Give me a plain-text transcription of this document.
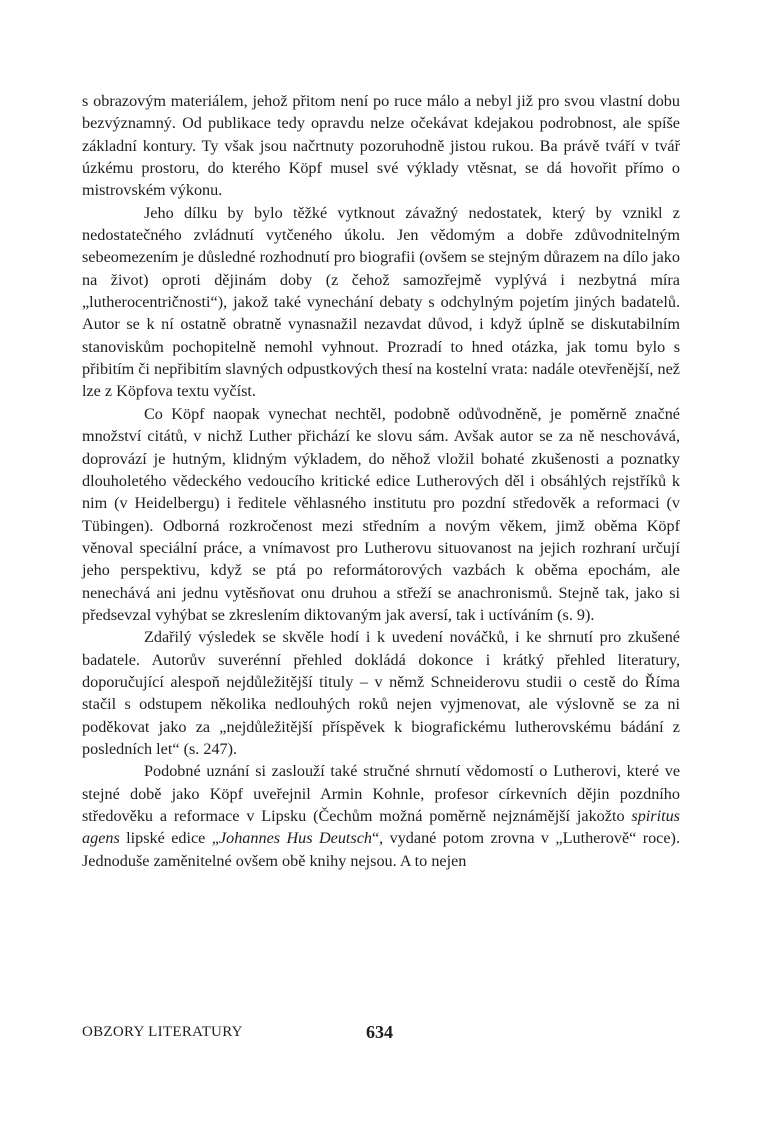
s obrazovým materiálem, jehož přitom není po ruce málo a nebyl již pro svou vlastní dobu bezvýznamný. Od publikace tedy opravdu nelze očekávat kdejakou podrobnost, ale spíše základní kontury. Ty však jsou načrtnuty pozoruhodně jistou rukou. Ba právě tváří v tvář úzkému prostoru, do kterého Köpf musel své výklady vtěsnat, se dá hovořit přímo o mistrovském výkonu.

Jeho dílku by bylo těžké vytknout závažný nedostatek, který by vznikl z nedostatečného zvládnutí vytčeného úkolu. Jen vědomým a dobře zdůvodnitelným sebeomezením je důsledné rozhodnutí pro biografii (ovšem se stejným důrazem na dílo jako na život) oproti dějinám doby (z čehož samozřejmě vyplývá i nezbytná míra „lutherocentričnosti“), jakož také vynechání debaty s odchylným pojetím jiných badatelů. Autor se k ní ostatně obratně vynasnažil nezavdat důvod, i když úplně se diskutabilním stanoviskům pochopitelně nemohl vyhnout. Prozradí to hned otázka, jak tomu bylo s přibitím či nepřibitím slavných odpustkových thesí na kostelní vrata: nadále otevřenější, než lze z Köpfova textu vyčíst.

Co Köpf naopak vynechat nechtěl, podobně odůvodněně, je poměrně značné množství citátů, v nichž Luther přichází ke slovu sám. Avšak autor se za ně neschovává, doprovází je hutným, klidným výkladem, do něhož vložil bohaté zkušenosti a poznatky dlouholetého vědeckého vedoucího kritické edice Lutherových děl i obsáhlých rejstříků k nim (v Heidelbergu) i ředitele věhlasného institutu pro pozdní středověk a reformaci (v Tübingen). Odborná rozkročenost mezi středním a novým věkem, jimž oběma Köpf věnoval speciální práce, a vnímavost pro Lutherovu situovanost na jejich rozhraní určují jeho perspektivu, když se ptá po reformátorových vazbách k oběma epochám, ale nenechává ani jednu vytěsňovat onu druhou a střeží se anachronismů. Stejně tak, jako si předsevzal vyhýbat se zkreslením diktovaným jak aversí, tak i uctíváním (s. 9).

Zdařilý výsledek se skvěle hodí i k uvedení nováčků, i ke shrnutí pro zkušené badatele. Autorův suverénní přehled dokládá dokonce i krátký přehled literatury, doporučující alespoň nejdůležitější tituly – v němž Schneiderovu studii o cestě do Říma stačil s odstupem několika nedlouhých roků nejen vyjmenovat, ale výslovně se za ni poděkovat jako za „nejdůležitější příspěvek k biografickému lutherovskému bádání z posledních let“ (s. 247).

Podobné uznání si zaslouží také stručné shrnutí vědomostí o Lutherovi, které ve stejné době jako Köpf uveřejnil Armin Kohnle, profesor církevních dějin pozdního středověku a reformace v Lipsku (Čechům možná poměrně nejznámější jakožto spiritus agens lipské edice „Johannes Hus Deutsch“, vydané potom zrovna v „Lutherově“ roce). Jednoduše zaměnitelné ovšem obě knihy nejsou. A to nejen

OBZORY LITERATURY	634
